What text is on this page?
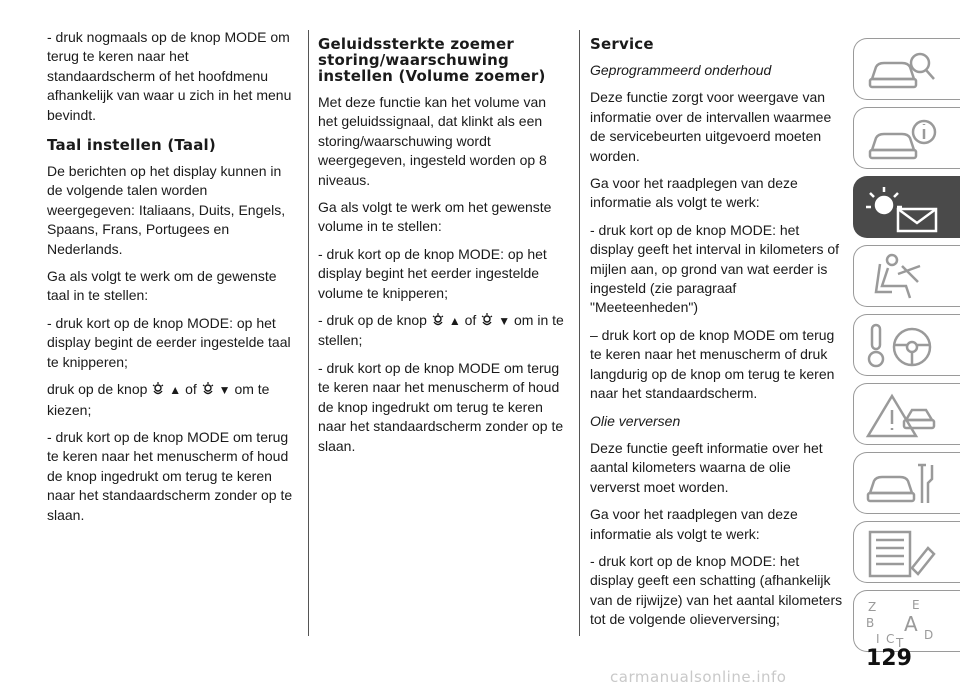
- druk nogmaals op de knop MODE om terug te keren naar het standaardscherm of het hoofdmenu afhankelijk van waar u zich in het menu bevindt.

Taal instellen (Taal)

De berichten op het display kunnen in de volgende talen worden weergegeven: Italiaans, Duits, Engels, Spaans, Frans, Portugees en Nederlands.

Ga als volgt te werk om de gewenste taal in te stellen:

- druk kort op de knop MODE: op het display begint de eerder ingestelde taal te knipperen;

druk op de knop ▲ of ▼ om te kiezen;

- druk kort op de knop MODE om terug te keren naar het menuscherm of houd de knop ingedrukt om terug te keren naar het standaardscherm zonder op te slaan.

Geluidssterkte zoemer storing/waarschuwing instellen (Volume zoemer)

Met deze functie kan het volume van het geluidssignaal, dat klinkt als een storing/waarschuwing wordt weergegeven, ingesteld worden op 8 niveaus.

Ga als volgt te werk om het gewenste volume in te stellen:

- druk kort op de knop MODE: op het display begint het eerder ingestelde volume te knipperen;

- druk op de knop ▲ of ▼ om in te stellen;

- druk kort op de knop MODE om terug te keren naar het menuscherm of houd de knop ingedrukt om terug te keren naar het standaardscherm zonder op te slaan.

Service

Geprogrammeerd onderhoud

Deze functie zorgt voor weergave van informatie over de intervallen waarmee de servicebeurten uitgevoerd moeten worden.

Ga voor het raadplegen van deze informatie als volgt te werk:

- druk kort op de knop MODE: het display geeft het interval in kilometers of mijlen aan, op grond van wat eerder is ingesteld (zie paragraaf "Meeteenheden")

– druk kort op de knop MODE om terug te keren naar het menuscherm of druk langdurig op de knop om terug te keren naar het standaardscherm.

Olie verversen

Deze functie geeft informatie over het aantal kilometers waarna de olie ververst moet worden.

Ga voor het raadplegen van deze informatie als volgt te werk:

- druk kort op de knop MODE: het display geeft een schatting (afhankelijk van de rijwijze) van het aantal kilometers tot de volgende olieverversing;

Z	E
B A
I C T
D
129
carmanualsonline.info
